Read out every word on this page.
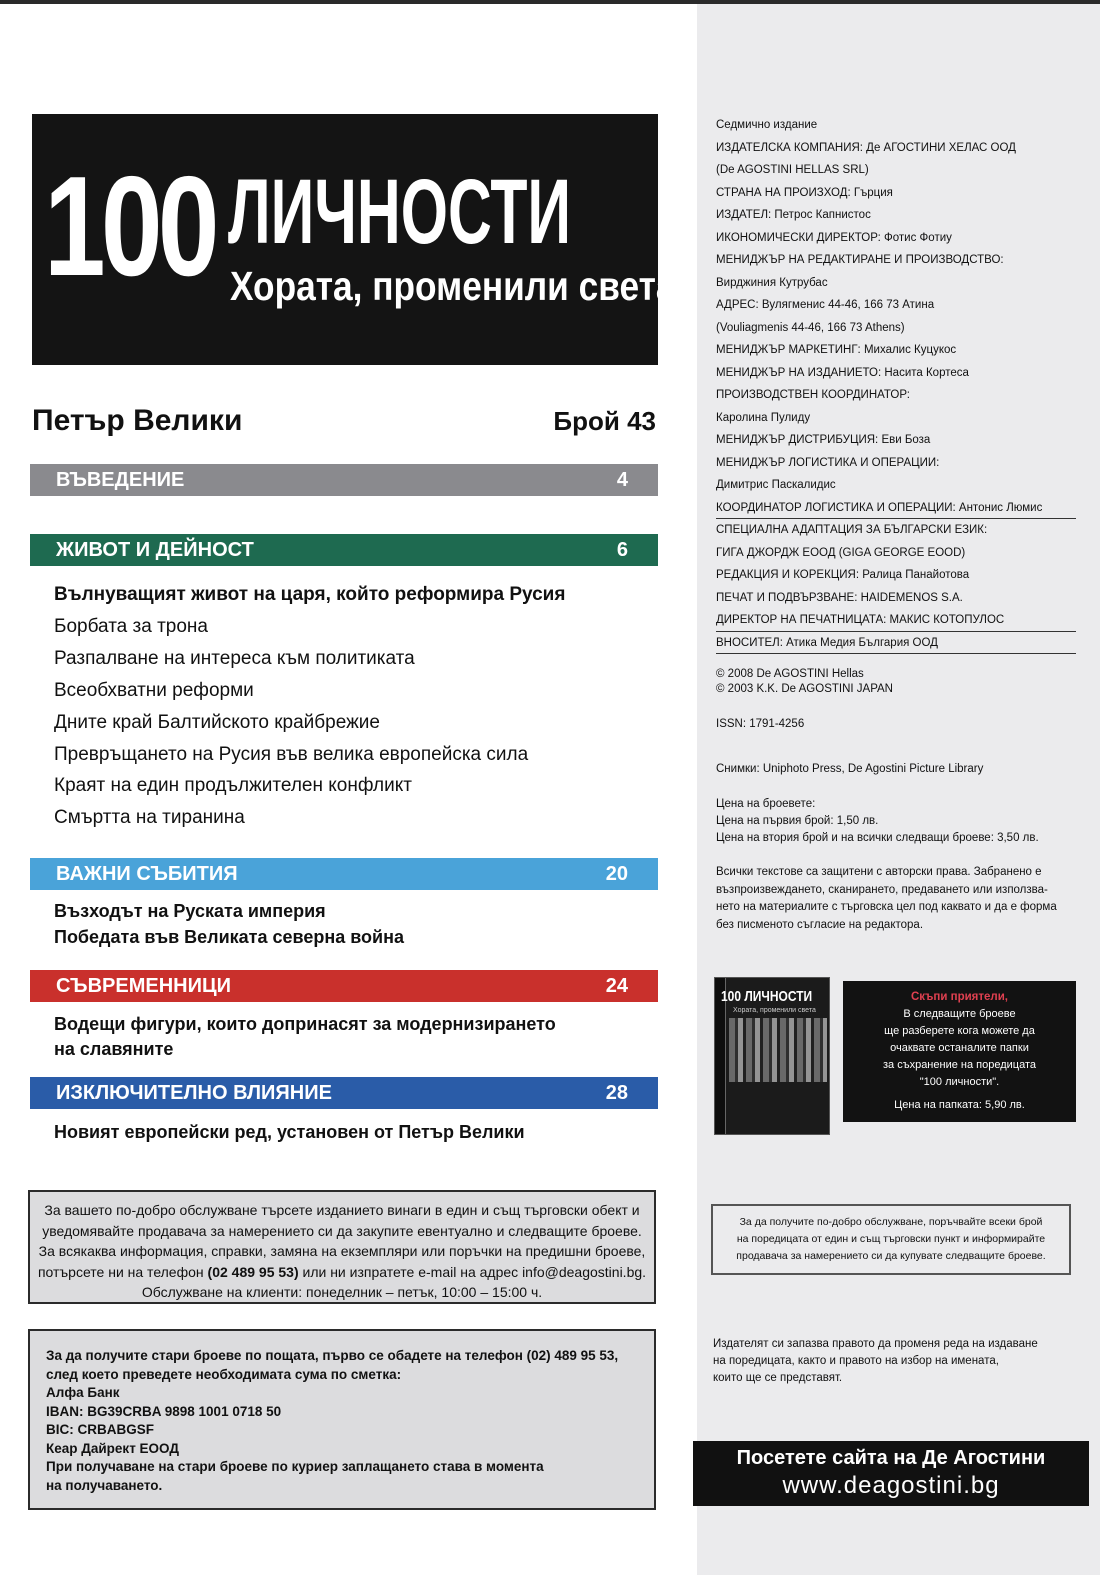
100 ЛИЧНОСТИ
Хората, променили света
Петър Велики	Брой 43
ВЪВЕДЕНИЕ	4
ЖИВОТ И ДЕЙНОСТ	6
Вълнуващият живот на царя, който реформира Русия
Борбата за трона
Разпалване на интереса към политиката
Всеобхватни реформи
Дните край Балтийското крайбрежие
Превръщането на Русия във велика европейска сила
Краят на един продължителен конфликт
Смъртта на тиранина
ВАЖНИ СЪБИТИЯ	20
Възходът на Руската империя
Победата във Великата северна война
СЪВРЕМЕННИЦИ	24
Водещи фигури, които допринасят за модернизирането
на славяните
ИЗКЛЮЧИТЕЛНО ВЛИЯНИЕ	28
Новият европейски ред, установен от Петър Велики
За вашето по-добро обслужване търсете изданието винаги в един и същ търговски обект и
уведомявайте продавача за намерението си да закупите евентуално и следващите броеве.
За всякаква информация, справки, замяна на екземпляри или поръчки на предишни броеве,
потърсете ни на телефон (02 489 95 53) или ни изпратете e-mail на адрес info@deagostini.bg.
Обслужване на клиенти: понеделник – петък, 10:00 – 15:00 ч.
За да получите стари броеве по пощата, първо се обадете на телефон (02) 489 95 53,
след което преведете необходимата сума по сметка:
Алфа Банк
IBAN: BG39CRBA 9898 1001 0718 50
BIC: CRBABGSF
Кеар Дайрект ЕООД
При получаване на стари броеве по куриер заплащането става в момента
на получаването.
Седмично издание
ИЗДАТЕЛСКА КОМПАНИЯ: Де АГОСТИНИ ХЕЛАС ООД
(De AGOSTINI HELLAS SRL)
СТРАНА НА ПРОИЗХОД: Гърция
ИЗДАТЕЛ: Петрос Капнистос
ИКОНОМИЧЕСКИ ДИРЕКТОР: Фотис Фотиу
МЕНИДЖЪР НА РЕДАКТИРАНЕ И ПРОИЗВОДСТВО:
Вирджиния Кутрубас
АДРЕС: Вулягменис 44-46, 166 73 Атина
(Vouliagmenis 44-46, 166 73 Athens)
МЕНИДЖЪР МАРКЕТИНГ: Михалис Куцукос
МЕНИДЖЪР НА ИЗДАНИЕТО: Насита Кортеса
ПРОИЗВОДСТВЕН КООРДИНАТОР:
Каролина Пулиду
МЕНИДЖЪР ДИСТРИБУЦИЯ: Еви Боза
МЕНИДЖЪР ЛОГИСТИКА И ОПЕРАЦИИ:
Димитрис Паскалидис
КООРДИНАТОР ЛОГИСТИКА И ОПЕРАЦИИ: Антонис Люмис
СПЕЦИАЛНА АДАПТАЦИЯ ЗА БЪЛГАРСКИ ЕЗИК:
ГИГА ДЖОРДЖ ЕООД (GIGA GEORGE EOOD)
РЕДАКЦИЯ И КОРЕКЦИЯ: Ралица Панайотова
ПЕЧАТ И ПОДВЪРЗВАНЕ: HAIDEMENOS S.A.
ДИРЕКТОР НА ПЕЧАТНИЦАТА: МАКИС КОТОПУЛОС
ВНОСИТЕЛ: Атика Медия България ООД
© 2008 De AGOSTINI Hellas
© 2003 K.K. De AGOSTINI JAPAN
ISSN: 1791-4256
Снимки: Uniphoto Press, De Agostini Picture Library
Цена на броевете:
Цена на първия брой: 1,50 лв.
Цена на втория брой и на всички следващи броеве: 3,50 лв.
Всички текстове са защитени с авторски права. Забранено е
възпроизвеждането, сканирането, предаването или използва-
нето на материалите с търговска цел под каквато и да е форма
без писменото съгласие на редактора.
100 ЛИЧНОСТИ
Хората, променили света
Скъпи приятели,
В следващите броеве
ще разберете кога можете да
очаквате останалите папки
за съхранение на поредицата
"100 личности".
Цена на папката: 5,90 лв.
За да получите по-добро обслужване, поръчвайте всеки брой
на поредицата от един и същ търговски пункт и информирайте
продавача за намерението си да купувате следващите броеве.
Издателят си запазва правото да променя реда на издаване
на поредицата, както и правото на избор на имената,
които ще се представят.
Посетете сайта на Де Агостини
www.deagostini.bg
